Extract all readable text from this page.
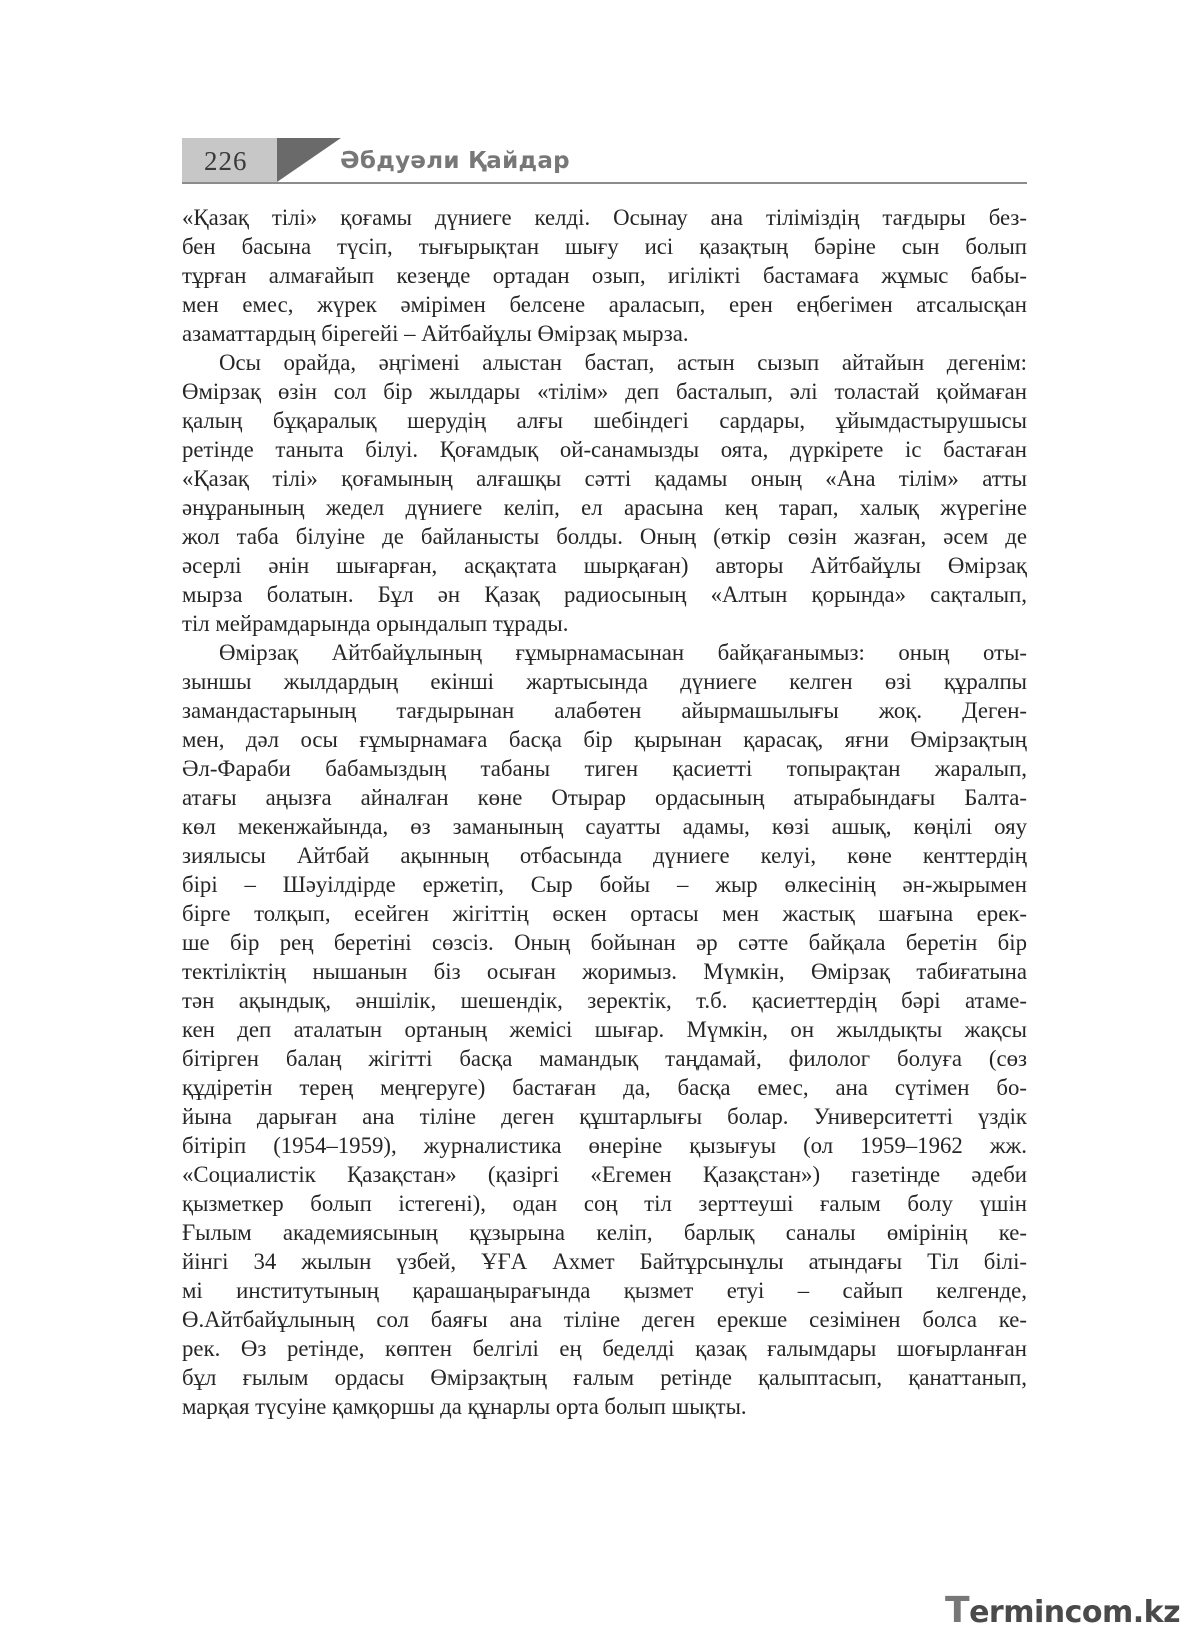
226	Әбдуәли Қайдар
«Қазақ тілі» қоғамы дүниеге келді. Осынау ана тіліміздің тағдыры без-
бен басына түсіп, тығырықтан шығу исі қазақтың бәріне сын болып
тұрған алмағайып кезеңде ортадан озып, игілікті бастамаға жұмыс бабы-
мен емес, жүрек әмірімен белсене араласып, ерен еңбегімен атсалысқан
азаматтардың бірегейі – Айтбайұлы Өмірзақ мырза.
Осы орайда, әңгімені алыстан бастап, астын сызып айтайын дегенім:
Өмірзақ өзін сол бір жылдары «тілім» деп басталып, әлі толастай қоймаған
қалың бұқаралық шерудің алғы шебіндегі сардары, ұйымдастырушысы
ретінде таныта білуі. Қоғамдық ой-санамызды оята, дүркірете іс бастаған
«Қазақ тілі» қоғамының алғашқы сәтті қадамы оның «Ана тілім» атты
әнұранының жедел дүниеге келіп, ел арасына кең тарап, халық жүрегіне
жол таба білуіне де байланысты болды. Оның (өткір сөзін жазған, әсем де
әсерлі әнін шығарған, асқақтата шырқаған) авторы Айтбайұлы Өмірзақ
мырза болатын. Бұл ән Қазақ радиосының «Алтын қорында» сақталып,
тіл мейрамдарында орындалып тұрады.
Өмірзақ Айтбайұлының ғұмырнамасынан байқағанымыз: оның оты-
зыншы жылдардың екінші жартысында дүниеге келген өзі құралпы
замандастарының тағдырынан алабөтен айырмашылығы жоқ. Деген-
мен, дәл осы ғұмырнамаға басқа бір қырынан қарасақ, яғни Өмірзақтың
Әл-Фараби бабамыздың табаны тиген қасиетті топырақтан жаралып,
атағы аңызға айналған көне Отырар ордасының атырабындағы Балта-
көл мекенжайында, өз заманының сауатты адамы, көзі ашық, көңілі ояу
зиялысы Айтбай ақынның отбасында дүниеге келуі, көне кенттердің
бірі – Шәуілдірде ержетіп, Сыр бойы – жыр өлкесінің ән-жырымен
бірге толқып, есейген жігіттің өскен ортасы мен жастық шағына ерек-
ше бір рең беретіні сөзсіз. Оның бойынан әр сәтте байқала беретін бір
тектіліктің нышанын біз осыған жоримыз. Мүмкін, Өмірзақ табиғатына
тән ақындық, әншілік, шешендік, зеректік, т.б. қасиеттердің бәрі атаме-
кен деп аталатын ортаның жемісі шығар. Мүмкін, он жылдықты жақсы
бітірген балаң жігітті басқа мамандық таңдамай, филолог болуға (сөз
құдіретін терең меңгеруге) бастаған да, басқа емес, ана сүтімен бо-
йына дарыған ана тіліне деген құштарлығы болар. Университетті үздік
бітіріп (1954–1959), журналистика өнеріне қызығуы (ол 1959–1962 жж.
«Социалистік Қазақстан» (қазіргі «Егемен Қазақстан») газетінде әдеби
қызметкер болып істегені), одан соң тіл зерттеуші ғалым болу үшін
Ғылым академиясының құзырына келіп, барлық саналы өмірінің ке-
йінгі 34 жылын үзбей, ҰҒА Ахмет Байтұрсынұлы атындағы Тіл білі-
мі институтының қарашаңырағында қызмет етуі – сайып келгенде,
Ө.Айтбайұлының сол баяғы ана тіліне деген ерекше сезімінен болса ке-
рек. Өз ретінде, көптен белгілі ең беделді қазақ ғалымдары шоғырланған
бұл ғылым ордасы Өмірзақтың ғалым ретінде қалыптасып, қанаттанып,
марқая түсуіне қамқоршы да құнарлы орта болып шықты.
Termincom.kz
